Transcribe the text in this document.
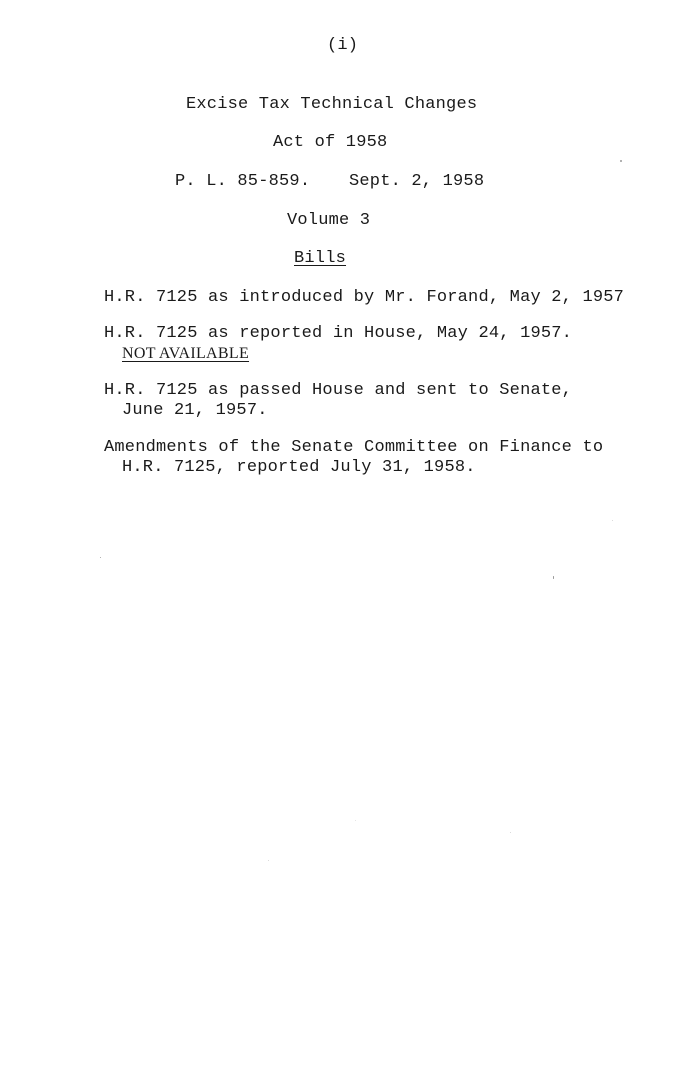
(i)
Excise Tax Technical Changes
Act of 1958
P. L. 85-859. Sept. 2, 1958
Volume 3
Bills
H.R. 7125 as introduced by Mr. Forand, May 2, 1957
H.R. 7125 as reported in House, May 24, 1957.
NOT AVAILABLE
H.R. 7125 as passed House and sent to Senate,
June 21, 1957.
Amendments of the Senate Committee on Finance to
H.R. 7125, reported July 31, 1958.
